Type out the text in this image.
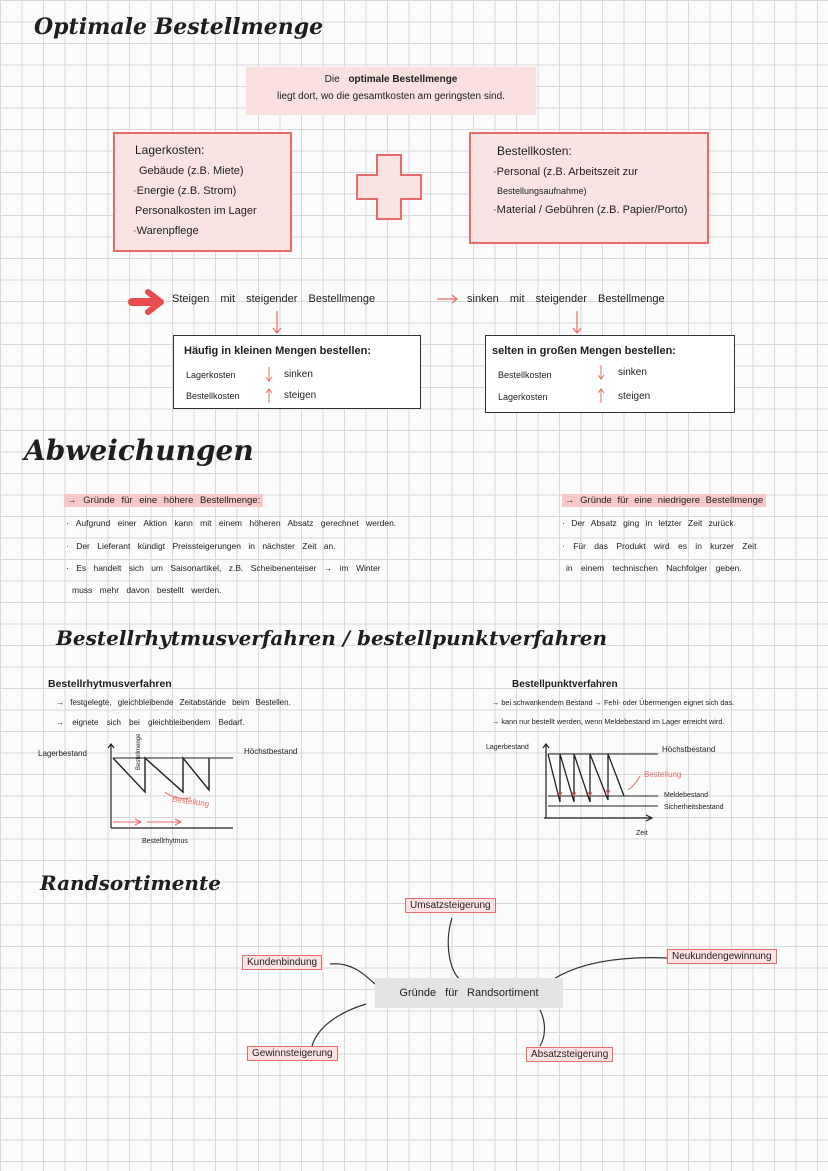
Optimale Bestellmenge
Die optimale Bestellmenge
liegt dort, wo die gesamtkosten am geringsten sind.
Lagerkosten:
Gebäude (z.B. Miete)
·Energie (z.B. Strom)
Personalkosten im Lager
·Warenpflege
Bestellkosten:
·Personal (z.B. Arbeitszeit zur
Bestellungsaufnahme)
·Material / Gebühren (z.B. Papier/Porto)
Steigen mit steigender Bestellmenge	sinken mit steigender Bestellmenge
Häufig in kleinen Mengen bestellen:
Lagerkosten	sinken
Bestellkosten	steigen
selten in großen Mengen bestellen:
Bestellkosten	sinken
Lagerkosten	steigen
Abweichungen
→ Gründe für eine höhere Bestellmenge:
· Aufgrund einer Aktion kann mit einem höheren Absatz gerechnet werden.
· Der Lieferant kündigt Preissteigerungen in nächster Zeit an.
· Es handelt sich um Saisonartikel, z.B. Scheibenenteiser → im Winter
muss mehr davon bestellt werden.
→ Gründe für eine niedrigere Bestellmenge
· Der Absatz ging in letzter Zeit zurück
· Für das Produkt wird es in kurzer Zeit
in einem technischen Nachfolger geben.
Bestellrhytmusverfahren / bestellpunktverfahren
Bestellrhytmusverfahren
→ festgelegte, gleichbleibende Zeitabstände beim Bestellen.
→ eignete sich bei gleichbleibendem Bedarf.
Lagerbestand	Höchstbestand
Bestellrhytmus
Bestellung
Bestellmenge
Bestellpunktverfahren
→ bei schwankendem Bestand → Fehl- oder Übermengen eignet sich das.
→ kann nur bestellt werden, wenn Meldebestand im Lager erreicht wird.
Lagerbestand	Höchstbestand
Bestellung
Meldebestand
Sicherheitsbestand
Zeit
Randsortimente
Gründe für Randsortiment
Umsatzsteigerung
Kundenbindung
Neukundengewinnung
Gewinnsteigerung	Absatzsteigerung
